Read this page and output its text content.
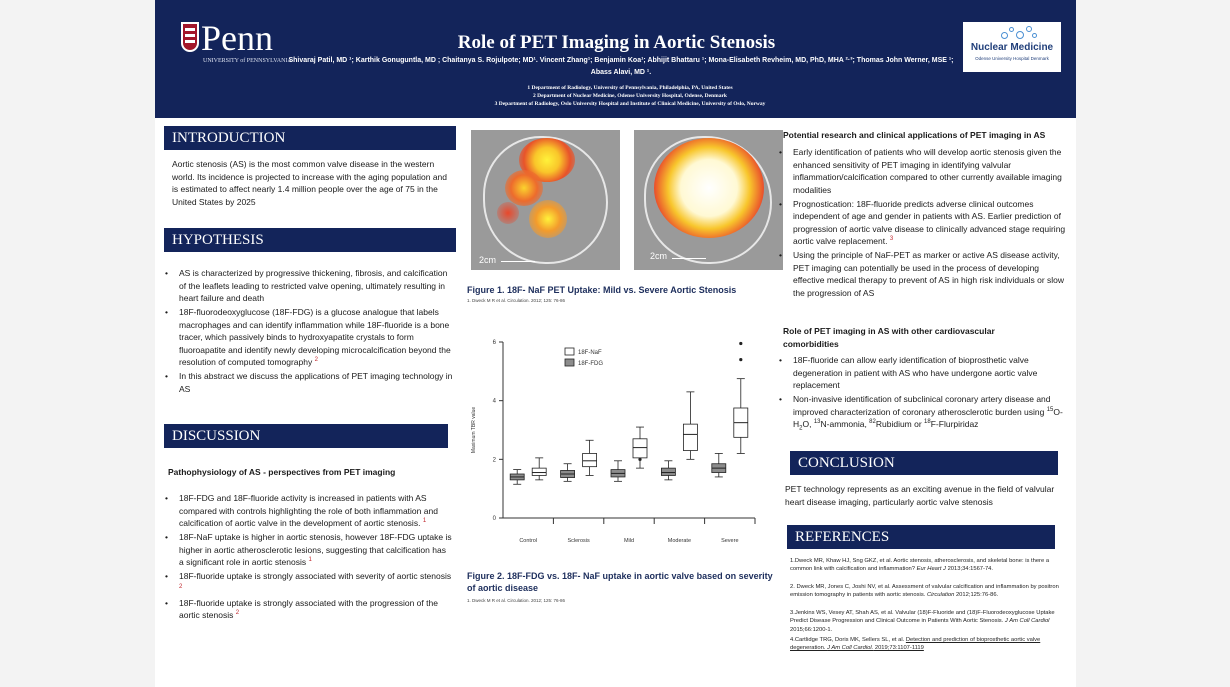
Penn
UNIVERSITY of PENNSYLVANIA
Role of PET Imaging in Aortic Stenosis
Shivaraj Patil, MD ¹; Karthik Gonuguntla, MD ; Chaitanya S. Rojulpote; MD¹. Vincent Zhang¹; Benjamin Koa¹; Abhijit Bhattaru ¹; Mona-Elisabeth Revheim, MD, PhD, MHA ²·³; Thomas John Werner, MSE ¹;
Abass Alavi, MD ¹.
1 Department of Radiology, University of Pennsylvania, Philadelphia, PA, United States
2 Department of Nuclear Medicine, Odense University Hospital, Odense, Denmark
3 Department of Radiology, Oslo University Hospital and Institute of Clinical Medicine, University of Oslo, Norway
Nuclear Medicine
Odense University Hospital Denmark
INTRODUCTION
Aortic stenosis (AS) is the most common valve disease in the western world. Its incidence is projected to increase with the aging population and is estimated to affect nearly 1.4 million people over the age of 75 in the United States by 2025
HYPOTHESIS
• AS is characterized by progressive thickening, fibrosis, and calcification of the leaflets leading to restricted valve opening, ultimately resulting in heart failure and death
• 18F-fluorodeoxyglucose (18F-FDG) is a glucose analogue that labels macrophages and can identify inflammation while 18F-fluoride is a bone tracer, which passively binds to hydroxyapatite crystals to form fluoroapatite and identify newly developing microcalcification beyond the resolution of computed tomography $^2$
• In this abstract we discuss the applications of PET imaging technology in AS
DISCUSSION
Pathophysiology of AS - perspectives from PET imaging
• 18F-FDG and 18F-fluoride activity is increased in patients with AS compared with controls highlighting the role of both inflammation and calcification of aortic valve in the development of aortic stenosis. $^1$
• 18F-NaF uptake is higher in aortic stenosis, however 18F-FDG uptake is higher in aortic atherosclerotic lesions, suggesting that calcification has a significant role in aortic stenosis $^1$
• 18F-fluoride uptake is strongly associated with severity of aortic stenosis $^2$
• 18F-fluoride uptake is strongly associated with the progression of the aortic stenosis $^2$
2cm	2cm
Figure 1. 18F- NaF PET Uptake: Mild vs. Severe Aortic Stenosis
1. Dweck M R et al. Circulation. 2012; 125: 76-86
0
2
4
6
Maximum TBR value
Control	Sclerosis	Mild	Moderate	Severe
18F-NaF
18F-FDG
Figure 2. 18F-FDG vs. 18F- NaF uptake in aortic valve based on severity of aortic disease
1. Dweck M R et al. Circulation. 2012; 125: 76-86
Potential research and clinical applications of PET imaging in AS
• Early identification of patients who will develop aortic stenosis given the enhanced sensitivity of PET imaging in identifying valvular inflammation/calcification compared to other currently available imaging modalities
• Prognostication: 18F-fluoride predicts adverse clinical outcomes independent of age and gender in patients with AS. Earlier prediction of progression of aortic valve disease to clinically advanced stage requiring aortic valve replacement. $^3$
• Using the principle of NaF-PET as marker or active AS disease activity, PET imaging can potentially be used in the process of developing effective medical therapy to prevent of AS in high risk individuals or slow the progression of AS
Role of PET imaging in AS with other cardiovascular comorbidities
• 18F-fluoride can allow early identification of bioprosthetic valve degeneration in patient with AS who have undergone aortic valve replacement
• Non-invasive identification of subclinical coronary artery disease and improved characterization of coronary atherosclerotic burden using $^{15}O-H_2O$, $^{13}$N-ammonia, $^{82}$Rubidium or $^{18}$F-Flurpiridaz
CONCLUSION
PET technology represents as an exciting avenue in the field of valvular heart disease imaging, particularly aortic valve stenosis
REFERENCES
1.Dweck MR, Khaw HJ, Sng GKZ, et al. Aortic stenosis, atherosclerosis, and skeletal bone: is there a common link with calcification and inflammation? Eur Heart J 2013;34:1567-74.
2. Dweck MR, Jones C, Joshi NV, et al. Assessment of valvular calcification and inflammation by positron emission tomography in patients with aortic stenosis. Circulation 2012;125:76-86.
3.Jenkins WS, Vesey AT, Shah AS, et al. Valvular (18)F-Fluoride and (18)F-Fluorodeoxyglucose Uptake Predict Disease Progression and Clinical Outcome in Patients With Aortic Stenosis. J Am Coll Cardiol 2015;66:1200-1.
4.Cartlidge TRG, Doris MK, Sellers SL, et al. Detection and prediction of bioprosthetic aortic valve degeneration. J Am Coll Cardiol. 2019;73:1107-1119
